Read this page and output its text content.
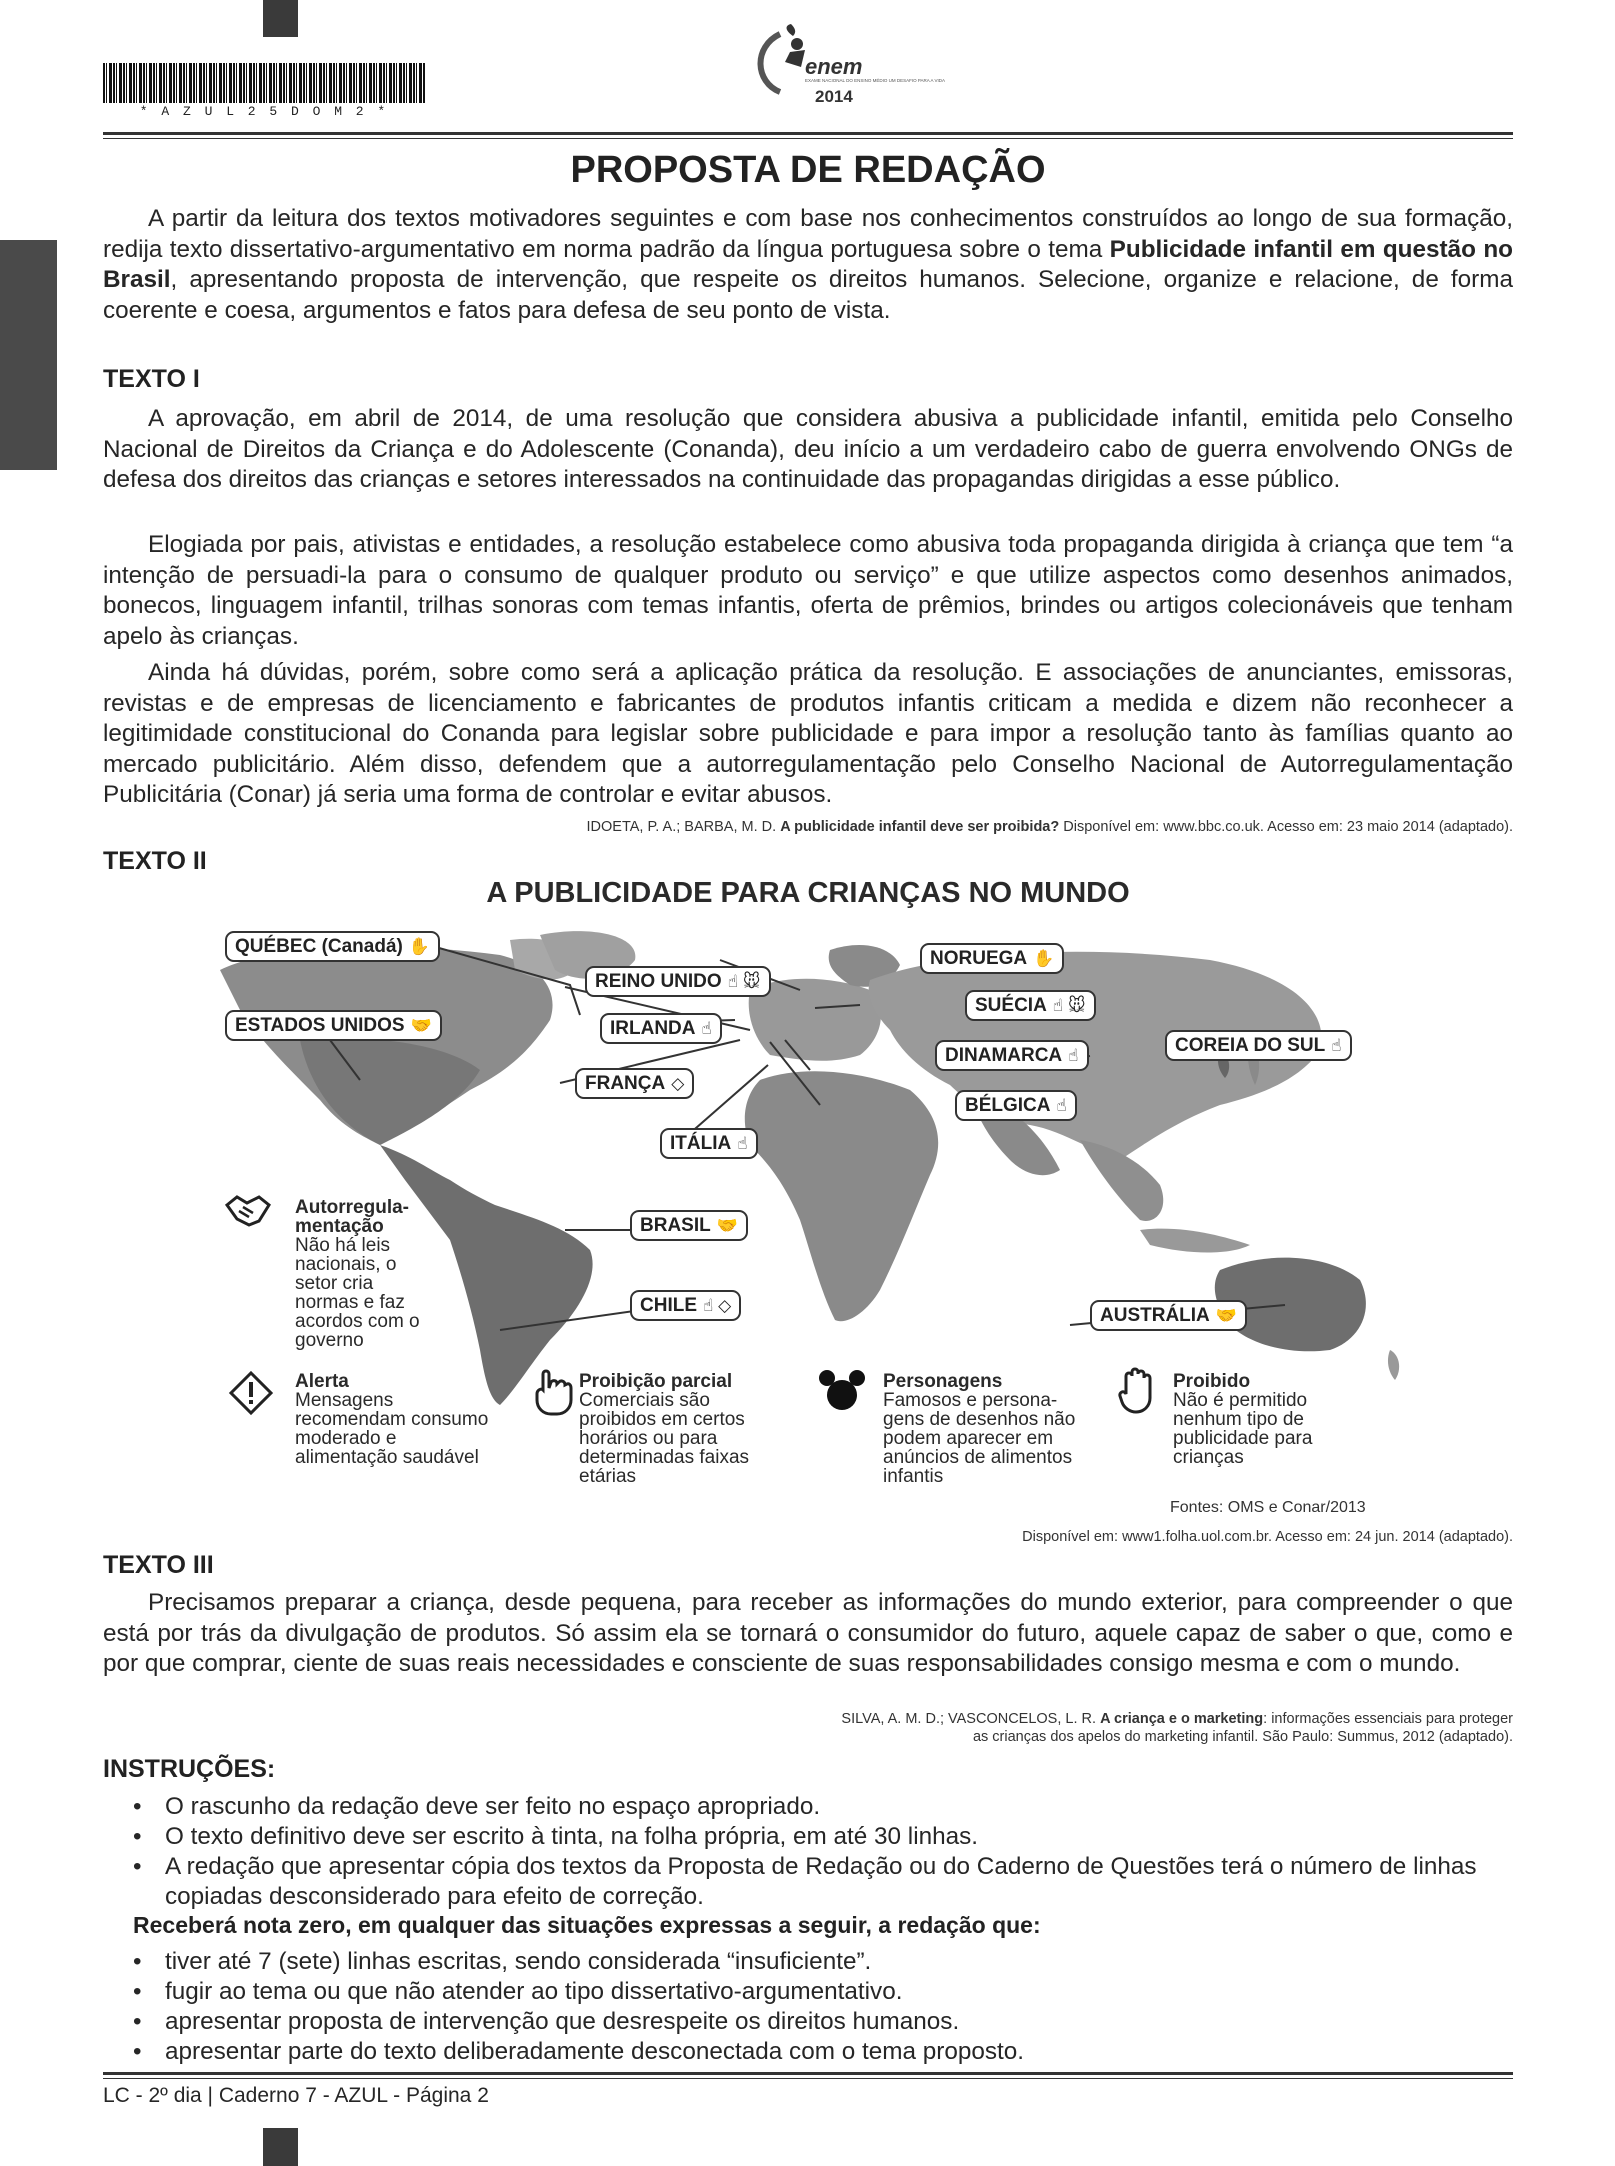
* A Z U L 2 5 D O M 2 *
enem
EXAME NACIONAL DO ENSINO MÉDIO UM DESAFIO PARA A VIDA
2014
PROPOSTA DE REDAÇÃO
A partir da leitura dos textos motivadores seguintes e com base nos conhecimentos construídos ao longo de sua formação, redija texto dissertativo-argumentativo em norma padrão da língua portuguesa sobre o tema Publicidade infantil em questão no Brasil, apresentando proposta de intervenção, que respeite os direitos humanos. Selecione, organize e relacione, de forma coerente e coesa, argumentos e fatos para defesa de seu ponto de vista.
TEXTO I
A aprovação, em abril de 2014, de uma resolução que considera abusiva a publicidade infantil, emitida pelo Conselho Nacional de Direitos da Criança e do Adolescente (Conanda), deu início a um verdadeiro cabo de guerra envolvendo ONGs de defesa dos direitos das crianças e setores interessados na continuidade das propagandas dirigidas a esse público.
Elogiada por pais, ativistas e entidades, a resolução estabelece como abusiva toda propaganda dirigida à criança que tem “a intenção de persuadi-la para o consumo de qualquer produto ou serviço” e que utilize aspectos como desenhos animados, bonecos, linguagem infantil, trilhas sonoras com temas infantis, oferta de prêmios, brindes ou artigos colecionáveis que tenham apelo às crianças.
Ainda há dúvidas, porém, sobre como será a aplicação prática da resolução. E associações de anunciantes, emissoras, revistas e de empresas de licenciamento e fabricantes de produtos infantis criticam a medida e dizem não reconhecer a legitimidade constitucional do Conanda para legislar sobre publicidade e para impor a resolução tanto às famílias quanto ao mercado publicitário. Além disso, defendem que a autorregulamentação pelo Conselho Nacional de Autorregulamentação Publicitária (Conar) já seria uma forma de controlar e evitar abusos.
IDOETA, P. A.; BARBA, M. D. A publicidade infantil deve ser proibida? Disponível em: www.bbc.co.uk. Acesso em: 23 maio 2014 (adaptado).
TEXTO II
A PUBLICIDADE PARA CRIANÇAS NO MUNDO
QUÉBEC (Canadá) ✋
ESTADOS UNIDOS 🤝
REINO UNIDO ☝ 🐭
IRLANDA ☝
FRANÇA ◇
ITÁLIA ☝
NORUEGA ✋
SUÉCIA ☝ 🐭
DINAMARCA ☝
BÉLGICA ☝
COREIA DO SUL ☝
BRASIL 🤝
CHILE ☝ ◇	AUSTRÁLIA 🤝
Autorregula- mentação
Não há leis nacionais, o setor cria normas e faz acordos com o governo
Alerta
Mensagens recomendam consumo moderado e alimentação saudável
Proibição parcial
Comerciais são proibidos em certos horários ou para determinadas faixas etárias
Personagens
Famosos e persona- gens de desenhos não podem aparecer em anúncios de alimentos infantis
Proibido
Não é permitido nenhum tipo de publicidade para crianças
Fontes: OMS e Conar/2013
Disponível em: www1.folha.uol.com.br. Acesso em: 24 jun. 2014 (adaptado).
TEXTO III
Precisamos preparar a criança, desde pequena, para receber as informações do mundo exterior, para compreender o que está por trás da divulgação de produtos. Só assim ela se tornará o consumidor do futuro, aquele capaz de saber o que, como e por que comprar, ciente de suas reais necessidades e consciente de suas responsabilidades consigo mesma e com o mundo.
SILVA, A. M. D.; VASCONCELOS, L. R. A criança e o marketing: informações essenciais para proteger
as crianças dos apelos do marketing infantil. São Paulo: Summus, 2012 (adaptado).
INSTRUÇÕES:
• O rascunho da redação deve ser feito no espaço apropriado.
• O texto definitivo deve ser escrito à tinta, na folha própria, em até 30 linhas.
• A redação que apresentar cópia dos textos da Proposta de Redação ou do Caderno de Questões terá o número de linhas copiadas desconsiderado para efeito de correção.
Receberá nota zero, em qualquer das situações expressas a seguir, a redação que:
• tiver até 7 (sete) linhas escritas, sendo considerada “insuficiente”.
• fugir ao tema ou que não atender ao tipo dissertativo-argumentativo.
• apresentar proposta de intervenção que desrespeite os direitos humanos.
• apresentar parte do texto deliberadamente desconectada com o tema proposto.
LC - 2º dia | Caderno 7 - AZUL - Página 2
